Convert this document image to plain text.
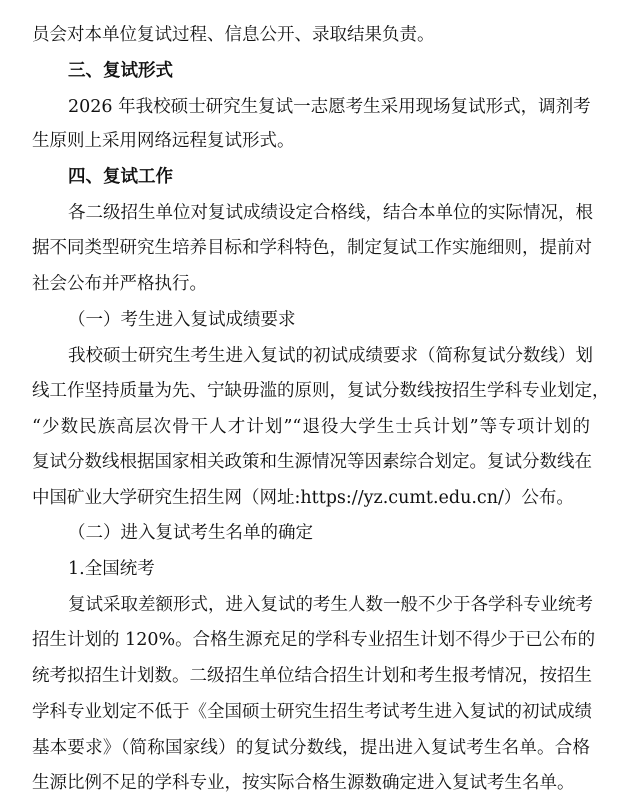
员会对本单位复试过程、信息公开、录取结果负责。
三、复试形式
2026 年我校硕士研究生复试一志愿考生采用现场复试形式，调剂考
生原则上采用网络远程复试形式。
四、复试工作
各二级招生单位对复试成绩设定合格线，结合本单位的实际情况，根
据不同类型研究生培养目标和学科特色，制定复试工作实施细则，提前对
社会公布并严格执行。
（一）考生进入复试成绩要求
我校硕士研究生考生进入复试的初试成绩要求（简称复试分数线）划
线工作坚持质量为先、宁缺毋滥的原则，复试分数线按招生学科专业划定，
“少数民族高层次骨干人才计划”“退役大学生士兵计划”等专项计划的
复试分数线根据国家相关政策和生源情况等因素综合划定。复试分数线在
中国矿业大学研究生招生网（网址:https://yz.cumt.edu.cn/）公布。
（二）进入复试考生名单的确定
1.全国统考
复试采取差额形式，进入复试的考生人数一般不少于各学科专业统考
招生计划的 120%。合格生源充足的学科专业招生计划不得少于已公布的
统考拟招生计划数。二级招生单位结合招生计划和考生报考情况，按招生
学科专业划定不低于《全国硕士研究生招生考试考生进入复试的初试成绩
基本要求》（简称国家线）的复试分数线，提出进入复试考生名单。合格
生源比例不足的学科专业，按实际合格生源数确定进入复试考生名单。
